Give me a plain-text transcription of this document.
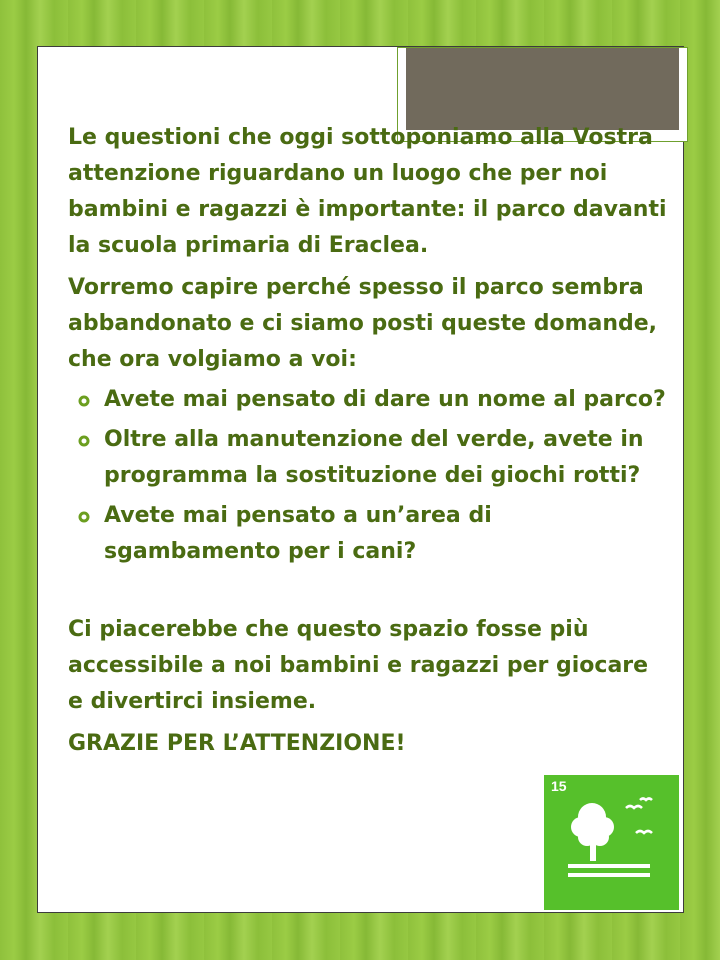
Le questioni che oggi sottoponiamo alla Vostra attenzione riguardano un luogo che per noi bambini e ragazzi è importante: il parco davanti la scuola primaria di Eraclea.

Vorremo capire perché spesso il parco sembra abbandonato e ci siamo posti queste domande, che ora volgiamo a voi:

Avete mai pensato di dare un nome al parco?
Oltre alla manutenzione del verde, avete in programma la sostituzione dei giochi rotti?
Avete mai pensato a un’area di sgambamento per i cani?

Ci piacerebbe che questo spazio fosse più accessibile a noi bambini e ragazzi per giocare e divertirci insieme.

GRAZIE PER L’ATTENZIONE!

15
